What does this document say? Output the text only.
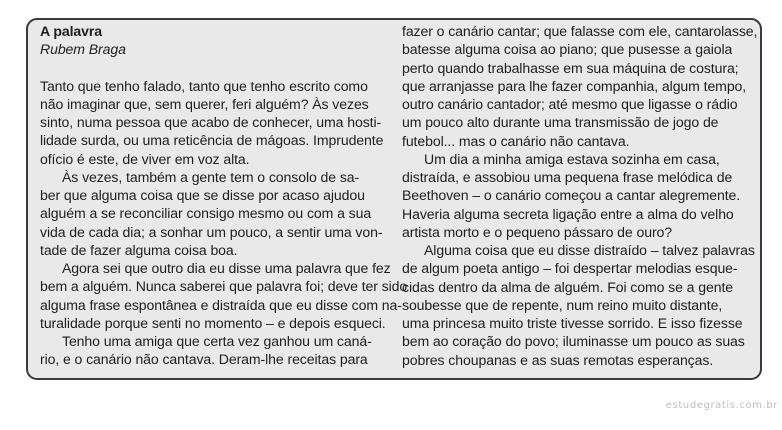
A palavra
Rubem Braga
Tanto que tenho falado, tanto que tenho escrito como
não imaginar que, sem querer, feri alguém? Às vezes
sinto, numa pessoa que acabo de conhecer, uma hosti-
lidade surda, ou uma reticência de mágoas. Imprudente
ofício é este, de viver em voz alta.
Às vezes, também a gente tem o consolo de sa-
ber que alguma coisa que se disse por acaso ajudou
alguém a se reconciliar consigo mesmo ou com a sua
vida de cada dia; a sonhar um pouco, a sentir uma von-
tade de fazer alguma coisa boa.
Agora sei que outro dia eu disse uma palavra que fez
bem a alguém. Nunca saberei que palavra foi; deve ter sido
alguma frase espontânea e distraída que eu disse com na-
turalidade porque senti no momento – e depois esqueci.
Tenho uma amiga que certa vez ganhou um caná-
rio, e o canário não cantava. Deram-lhe receitas para
fazer o canário cantar; que falasse com ele, cantarolasse,
batesse alguma coisa ao piano; que pusesse a gaiola
perto quando trabalhasse em sua máquina de costura;
que arranjasse para lhe fazer companhia, algum tempo,
outro canário cantador; até mesmo que ligasse o rádio
um pouco alto durante uma transmissão de jogo de
futebol... mas o canário não cantava.
Um dia a minha amiga estava sozinha em casa,
distraída, e assobiou uma pequena frase melódica de
Beethoven – o canário começou a cantar alegremente.
Haveria alguma secreta ligação entre a alma do velho
artista morto e o pequeno pássaro de ouro?
Alguma coisa que eu disse distraído – talvez palavras
de algum poeta antigo – foi despertar melodias esque-
cidas dentro da alma de alguém. Foi como se a gente
soubesse que de repente, num reino muito distante,
uma princesa muito triste tivesse sorrido. E isso fizesse
bem ao coração do povo; iluminasse um pouco as suas
pobres choupanas e as suas remotas esperanças.
estudegratis.com.br
